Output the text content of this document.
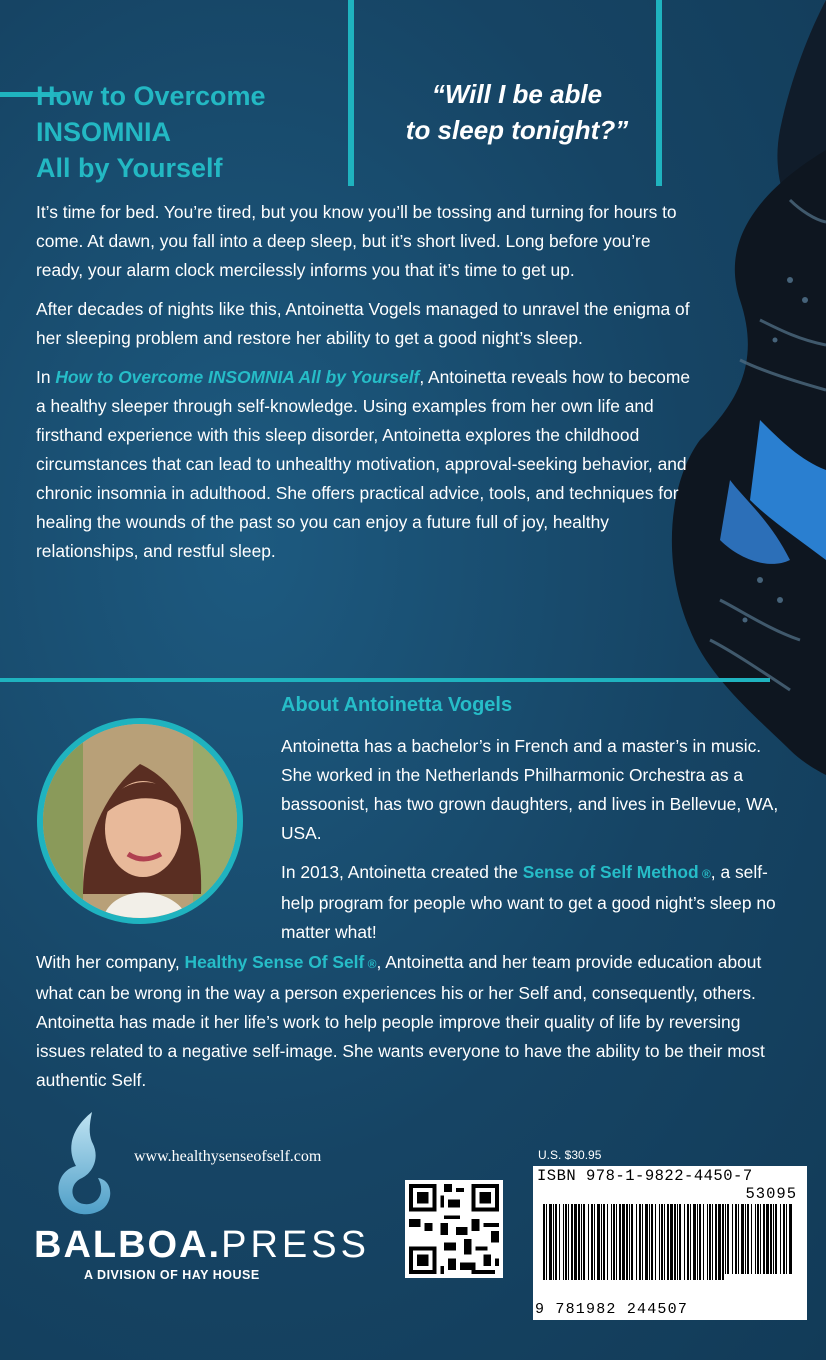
How to Overcome
INSOMNIA
All by Yourself
“Will I be able
to sleep tonight?”

It’s time for bed. You’re tired, but you know you’ll be tossing and turning for hours to come. At dawn, you fall into a deep sleep, but it’s short lived. Long before you’re ready, your alarm clock mercilessly informs you that it’s time to get up.

After decades of nights like this, Antoinetta Vogels managed to unravel the enigma of her sleeping problem and restore her ability to get a good night’s sleep.

In How to Overcome INSOMNIA All by Yourself, Antoinetta reveals how to become a healthy sleeper through self-knowledge. Using examples from her own life and firsthand experience with this sleep disorder, Antoinetta explores the childhood circumstances that can lead to unhealthy motivation, approval-seeking behavior, and chronic insomnia in adulthood. She offers practical advice, tools, and techniques for healing the wounds of the past so you can enjoy a future full of joy, healthy relationships, and restful sleep.

About Antoinetta Vogels

Antoinetta has a bachelor’s in French and a master’s in music. She worked in the Netherlands Philharmonic Orchestra as a bassoonist, has two grown daughters, and lives in Bellevue, WA, USA.

In 2013, Antoinetta created the Sense of Self Method ®, a self-help program for people who want to get a good night’s sleep no matter what!

With her company, Healthy Sense Of Self ®, Antoinetta and her team provide education about what can be wrong in the way a person experiences his or her Self and, consequently, others. Antoinetta has made it her life’s work to help people improve their quality of life by reversing issues related to a negative self-image. She wants everyone to have the ability to be their most authentic Self.
www.healthysenseofself.com
BALBOA.PRESS
A DIVISION OF HAY HOUSE
U.S. $30.95
ISBN 978-1-9822-4450-7
53095
9 781982 244507
